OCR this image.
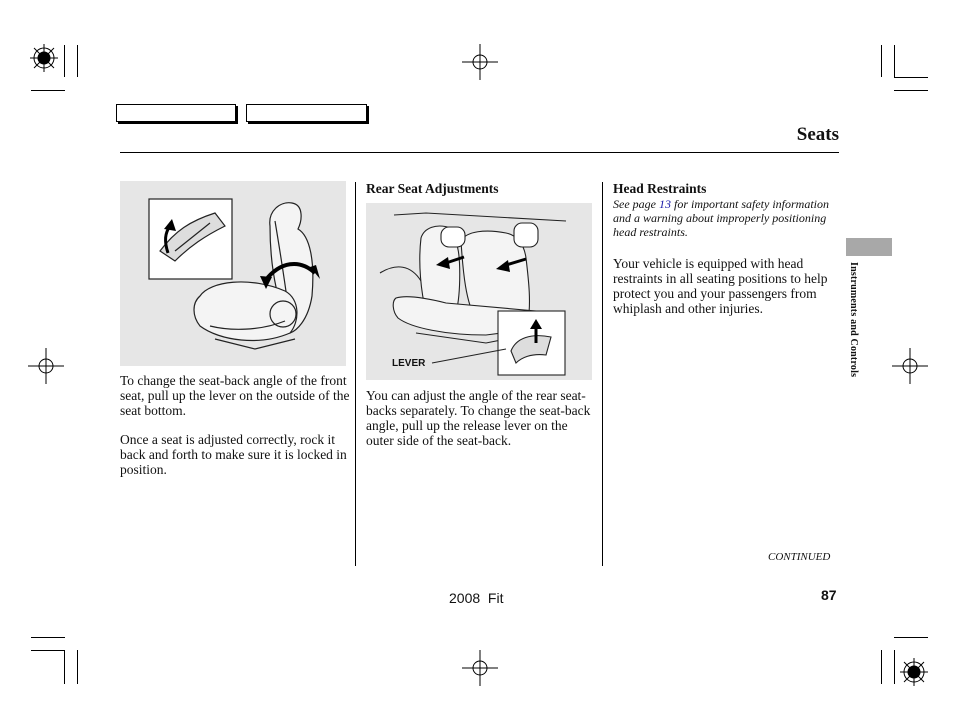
Seats
To change the seat-back angle of the front seat, pull up the lever on the outside of the seat bottom.
Once a seat is adjusted correctly, rock it back and forth to make sure it is locked in position.
Rear Seat Adjustments
LEVER
You can adjust the angle of the rear seat-backs separately. To change the seat-back angle, pull up the release lever on the outer side of the seat-back.
Head Restraints
See page 13 for important safety information and a warning about improperly positioning head restraints.
Your vehicle is equipped with head restraints in all seating positions to help protect you and your passengers from whiplash and other injuries.	Instruments and Controls
CONTINUED
2008  Fit	87
